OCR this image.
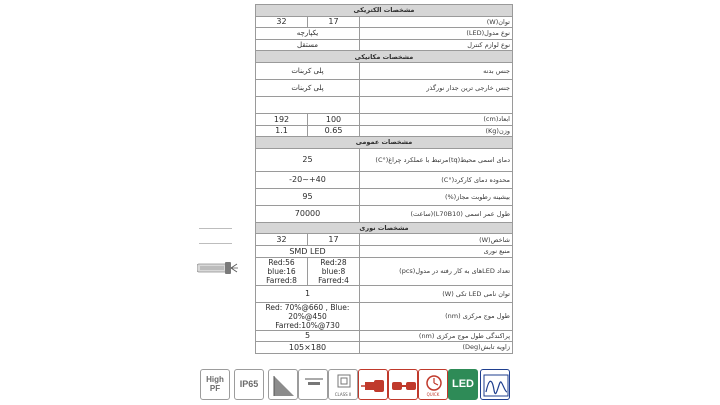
مشخصات الکتریکی		
32	17	توان(W)
یکپارچه		نوع مدول(LED)
مستقل		نوع لوازم کنترل
مشخصات مکانیکی		
پلی کربنات		جنس بدنه
پلی کربنات		جنس خارجی ترین جدار نورگذر

192	100	ابعاد(cm)
1.1	0.65	وزن(Kg)
مشخصات عمومی		
25		دمای اسمی محیط(tq)مرتبط با عملکرد چراغ(°C)
-20~+40		محدوده دمای کارکرد(°C)
95		بیشینه رطوبت مجاز(%)
70000		طول عمر اسمی (L70B10)(ساعت)
مشخصات نوری		
32	17	شاخص(W)
SMD LED		منبع نوری
Red:56 blue:16 Farred:8	Red:28 blue:8 Farred:4	تعداد LEDهای به کار رفته در مدول(pcs)
1		توان نامی LED تکی (W)
Red: 70%@660 , Blue: 20%@450 Farred:10%@730		طول موج مرکزی (nm)
5		پراکندگی طول موج مرکزی (nm)
105×180		زاویه تابش(Deg)
High
PF	IP65
CLASS II	QUICK
LED
